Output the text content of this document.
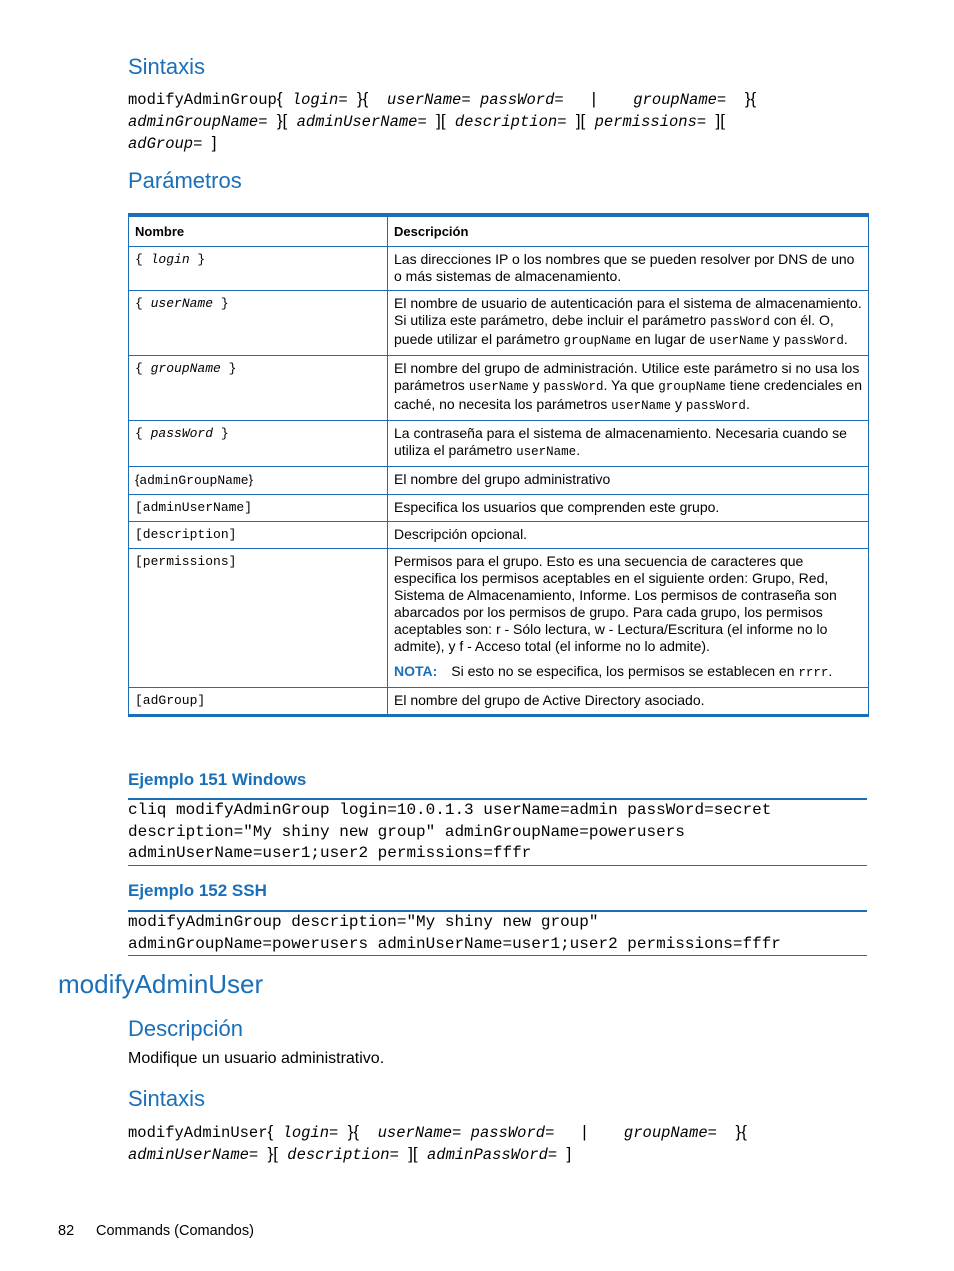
Sintaxis
modifyAdminGroup{ login= }{ userName= passWord= | groupName= }{
adminGroupName= }[ adminUserName= ][ description= ][ permissions= ][
adGroup= ]
Parámetros
Nombre	Descripción
{ login }	Las direcciones IP o los nombres que se pueden resolver por DNS de uno o más sistemas de almacenamiento.
{ userName }	El nombre de usuario de autenticación para el sistema de almacenamiento. Si utiliza este parámetro, debe incluir el parámetro passWord con él. O, puede utilizar el parámetro groupName en lugar de userName y passWord.
{ groupName }	El nombre del grupo de administración. Utilice este parámetro si no usa los parámetros userName y passWord. Ya que groupName tiene credenciales en caché, no necesita los parámetros userName y passWord.
{ passWord }	La contraseña para el sistema de almacenamiento. Necesaria cuando se utiliza el parámetro userName.
{adminGroupName}	El nombre del grupo administrativo
[adminUserName]	Especifica los usuarios que comprenden este grupo.
[description]	Descripción opcional.
[permissions]	Permisos para el grupo. Esto es una secuencia de caracteres que especifica los permisos aceptables en el siguiente orden: Grupo, Red, Sistema de Almacenamiento, Informe. Los permisos de contraseña son abarcados por los permisos de grupo. Para cada grupo, los permisos aceptables son: r - Sólo lectura, w - Lectura/Escritura (el informe no lo admite), y f - Acceso total (el informe no lo admite).
NOTA: Si esto no se especifica, los permisos se establecen en rrrr.

[adGroup]	El nombre del grupo de Active Directory asociado.
Ejemplo 151 Windows
cliq modifyAdminGroup login=10.0.1.3 userName=admin passWord=secret
description="My shiny new group" adminGroupName=powerusers
adminUserName=user1;user2 permissions=fffr
Ejemplo 152 SSH
modifyAdminGroup description="My shiny new group"
adminGroupName=powerusers adminUserName=user1;user2 permissions=fffr
modifyAdminUser
Descripción
Modifique un usuario administrativo.
Sintaxis
modifyAdminUser{ login= }{ userName= passWord= | groupName= }{
adminUserName= }[ description= ][ adminPassWord= ]
82 Commands (Comandos)
